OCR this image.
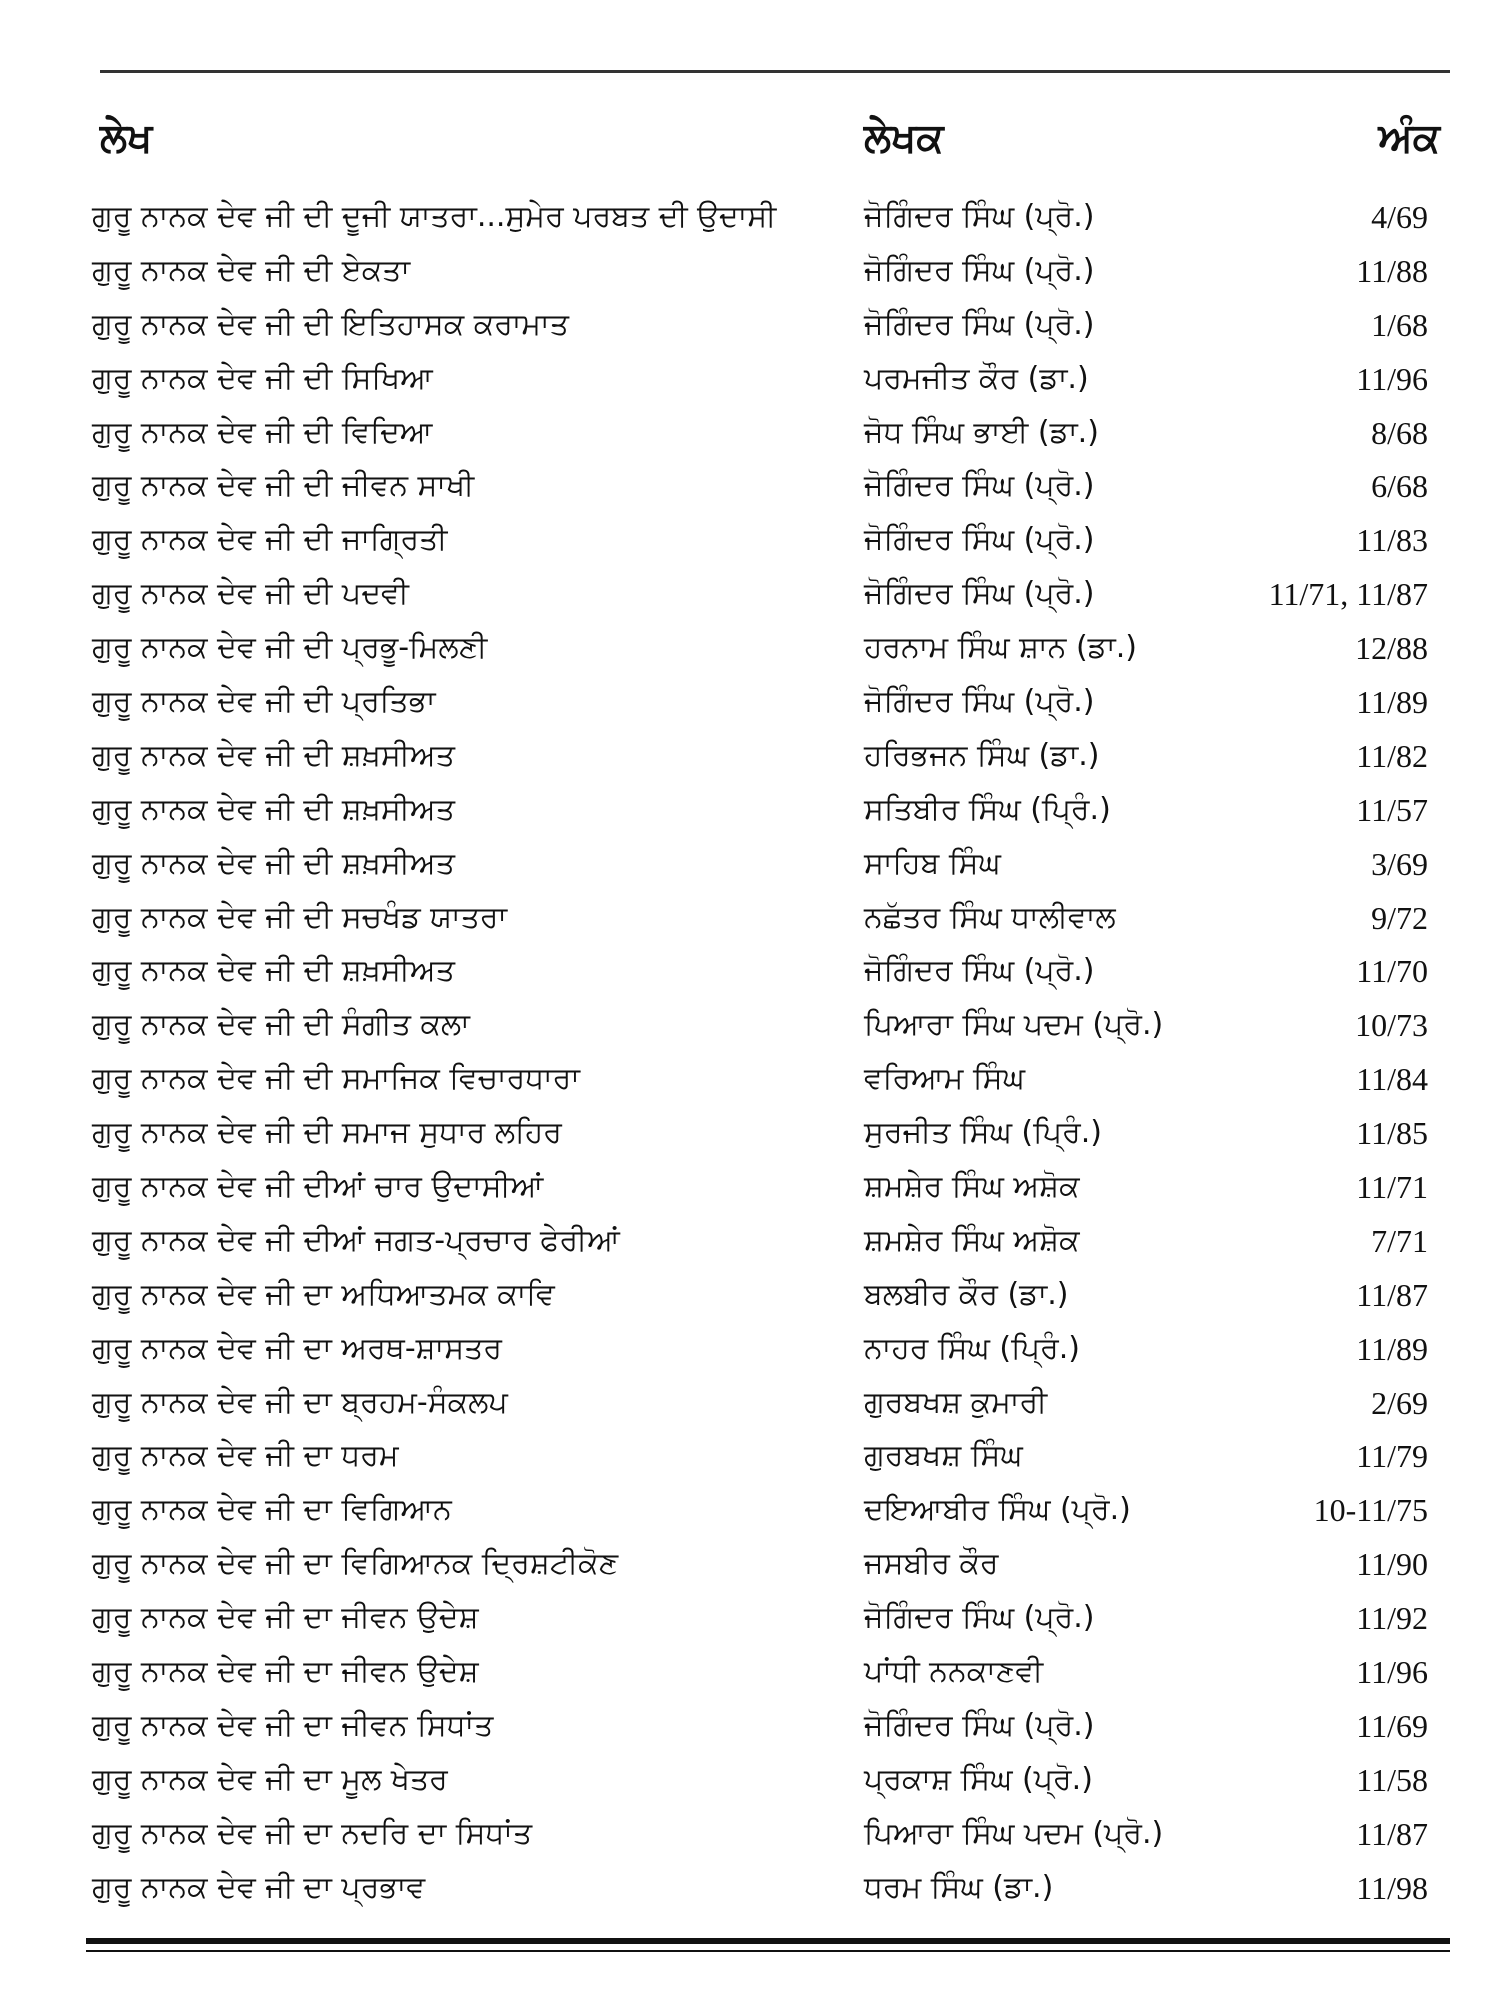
ਲੇਖ	ਲੇਖਕ	ਅੰਕ
ਗੁਰੂ ਨਾਨਕ ਦੇਵ ਜੀ ਦੀ ਦੂਜੀ ਯਾਤਰਾ...ਸੁਮੇਰ ਪਰਬਤ ਦੀ ਉਦਾਸੀ	ਜੋਗਿੰਦਰ ਸਿੰਘ (ਪ੍ਰੋ.)	4/69
ਗੁਰੂ ਨਾਨਕ ਦੇਵ ਜੀ ਦੀ ਏਕਤਾ	ਜੋਗਿੰਦਰ ਸਿੰਘ (ਪ੍ਰੋ.)	11/88
ਗੁਰੂ ਨਾਨਕ ਦੇਵ ਜੀ ਦੀ ਇਤਿਹਾਸਕ ਕਰਾਮਾਤ	ਜੋਗਿੰਦਰ ਸਿੰਘ (ਪ੍ਰੋ.)	1/68
ਗੁਰੂ ਨਾਨਕ ਦੇਵ ਜੀ ਦੀ ਸਿਖਿਆ	ਪਰਮਜੀਤ ਕੌਰ (ਡਾ.)	11/96
ਗੁਰੂ ਨਾਨਕ ਦੇਵ ਜੀ ਦੀ ਵਿਦਿਆ	ਜੋਧ ਸਿੰਘ ਭਾਈ (ਡਾ.)	8/68
ਗੁਰੂ ਨਾਨਕ ਦੇਵ ਜੀ ਦੀ ਜੀਵਨ ਸਾਖੀ	ਜੋਗਿੰਦਰ ਸਿੰਘ (ਪ੍ਰੋ.)	6/68
ਗੁਰੂ ਨਾਨਕ ਦੇਵ ਜੀ ਦੀ ਜਾਗ੍ਰਿਤੀ	ਜੋਗਿੰਦਰ ਸਿੰਘ (ਪ੍ਰੋ.)	11/83
ਗੁਰੂ ਨਾਨਕ ਦੇਵ ਜੀ ਦੀ ਪਦਵੀ	ਜੋਗਿੰਦਰ ਸਿੰਘ (ਪ੍ਰੋ.)	11/71, 11/87
ਗੁਰੂ ਨਾਨਕ ਦੇਵ ਜੀ ਦੀ ਪ੍ਰਭੂ-ਮਿਲਣੀ	ਹਰਨਾਮ ਸਿੰਘ ਸ਼ਾਨ (ਡਾ.)	12/88
ਗੁਰੂ ਨਾਨਕ ਦੇਵ ਜੀ ਦੀ ਪ੍ਰਤਿਭਾ	ਜੋਗਿੰਦਰ ਸਿੰਘ (ਪ੍ਰੋ.)	11/89
ਗੁਰੂ ਨਾਨਕ ਦੇਵ ਜੀ ਦੀ ਸ਼ਖ਼ਸੀਅਤ	ਹਰਿਭਜਨ ਸਿੰਘ (ਡਾ.)	11/82
ਗੁਰੂ ਨਾਨਕ ਦੇਵ ਜੀ ਦੀ ਸ਼ਖ਼ਸੀਅਤ	ਸਤਿਬੀਰ ਸਿੰਘ (ਪ੍ਰਿੰ.)	11/57
ਗੁਰੂ ਨਾਨਕ ਦੇਵ ਜੀ ਦੀ ਸ਼ਖ਼ਸੀਅਤ	ਸਾਹਿਬ ਸਿੰਘ	3/69
ਗੁਰੂ ਨਾਨਕ ਦੇਵ ਜੀ ਦੀ ਸਚਖੰਡ ਯਾਤਰਾ	ਨਛੱਤਰ ਸਿੰਘ ਧਾਲੀਵਾਲ	9/72
ਗੁਰੂ ਨਾਨਕ ਦੇਵ ਜੀ ਦੀ ਸ਼ਖ਼ਸੀਅਤ	ਜੋਗਿੰਦਰ ਸਿੰਘ (ਪ੍ਰੋ.)	11/70
ਗੁਰੂ ਨਾਨਕ ਦੇਵ ਜੀ ਦੀ ਸੰਗੀਤ ਕਲਾ	ਪਿਆਰਾ ਸਿੰਘ ਪਦਮ (ਪ੍ਰੋ.)	10/73
ਗੁਰੂ ਨਾਨਕ ਦੇਵ ਜੀ ਦੀ ਸਮਾਜਿਕ ਵਿਚਾਰਧਾਰਾ	ਵਰਿਆਮ ਸਿੰਘ	11/84
ਗੁਰੂ ਨਾਨਕ ਦੇਵ ਜੀ ਦੀ ਸਮਾਜ ਸੁਧਾਰ ਲਹਿਰ	ਸੁਰਜੀਤ ਸਿੰਘ (ਪ੍ਰਿੰ.)	11/85
ਗੁਰੂ ਨਾਨਕ ਦੇਵ ਜੀ ਦੀਆਂ ਚਾਰ ਉਦਾਸੀਆਂ	ਸ਼ਮਸ਼ੇਰ ਸਿੰਘ ਅਸ਼ੋਕ	11/71
ਗੁਰੂ ਨਾਨਕ ਦੇਵ ਜੀ ਦੀਆਂ ਜਗਤ-ਪ੍ਰਚਾਰ ਫੇਰੀਆਂ	ਸ਼ਮਸ਼ੇਰ ਸਿੰਘ ਅਸ਼ੋਕ	7/71
ਗੁਰੂ ਨਾਨਕ ਦੇਵ ਜੀ ਦਾ ਅਧਿਆਤਮਕ ਕਾਵਿ	ਬਲਬੀਰ ਕੌਰ (ਡਾ.)	11/87
ਗੁਰੂ ਨਾਨਕ ਦੇਵ ਜੀ ਦਾ ਅਰਥ-ਸ਼ਾਸਤਰ	ਨਾਹਰ ਸਿੰਘ (ਪ੍ਰਿੰ.)	11/89
ਗੁਰੂ ਨਾਨਕ ਦੇਵ ਜੀ ਦਾ ਬ੍ਰਹਮ-ਸੰਕਲਪ	ਗੁਰਬਖਸ਼ ਕੁਮਾਰੀ	2/69
ਗੁਰੂ ਨਾਨਕ ਦੇਵ ਜੀ ਦਾ ਧਰਮ	ਗੁਰਬਖਸ਼ ਸਿੰਘ	11/79
ਗੁਰੂ ਨਾਨਕ ਦੇਵ ਜੀ ਦਾ ਵਿਗਿਆਨ	ਦਇਆਬੀਰ ਸਿੰਘ (ਪ੍ਰੋ.)	10-11/75
ਗੁਰੂ ਨਾਨਕ ਦੇਵ ਜੀ ਦਾ ਵਿਗਿਆਨਕ ਦ੍ਰਿਸ਼ਟੀਕੋਣ	ਜਸਬੀਰ ਕੌਰ	11/90
ਗੁਰੂ ਨਾਨਕ ਦੇਵ ਜੀ ਦਾ ਜੀਵਨ ਉਦੇਸ਼	ਜੋਗਿੰਦਰ ਸਿੰਘ (ਪ੍ਰੋ.)	11/92
ਗੁਰੂ ਨਾਨਕ ਦੇਵ ਜੀ ਦਾ ਜੀਵਨ ਉਦੇਸ਼	ਪਾਂਧੀ ਨਨਕਾਣਵੀ	11/96
ਗੁਰੂ ਨਾਨਕ ਦੇਵ ਜੀ ਦਾ ਜੀਵਨ ਸਿਧਾਂਤ	ਜੋਗਿੰਦਰ ਸਿੰਘ (ਪ੍ਰੋ.)	11/69
ਗੁਰੂ ਨਾਨਕ ਦੇਵ ਜੀ ਦਾ ਮੂਲ ਖੇਤਰ	ਪ੍ਰਕਾਸ਼ ਸਿੰਘ (ਪ੍ਰੋ.)	11/58
ਗੁਰੂ ਨਾਨਕ ਦੇਵ ਜੀ ਦਾ ਨਦਰਿ ਦਾ ਸਿਧਾਂਤ	ਪਿਆਰਾ ਸਿੰਘ ਪਦਮ (ਪ੍ਰੋ.)	11/87
ਗੁਰੂ ਨਾਨਕ ਦੇਵ ਜੀ ਦਾ ਪ੍ਰਭਾਵ	ਧਰਮ ਸਿੰਘ (ਡਾ.)	11/98
